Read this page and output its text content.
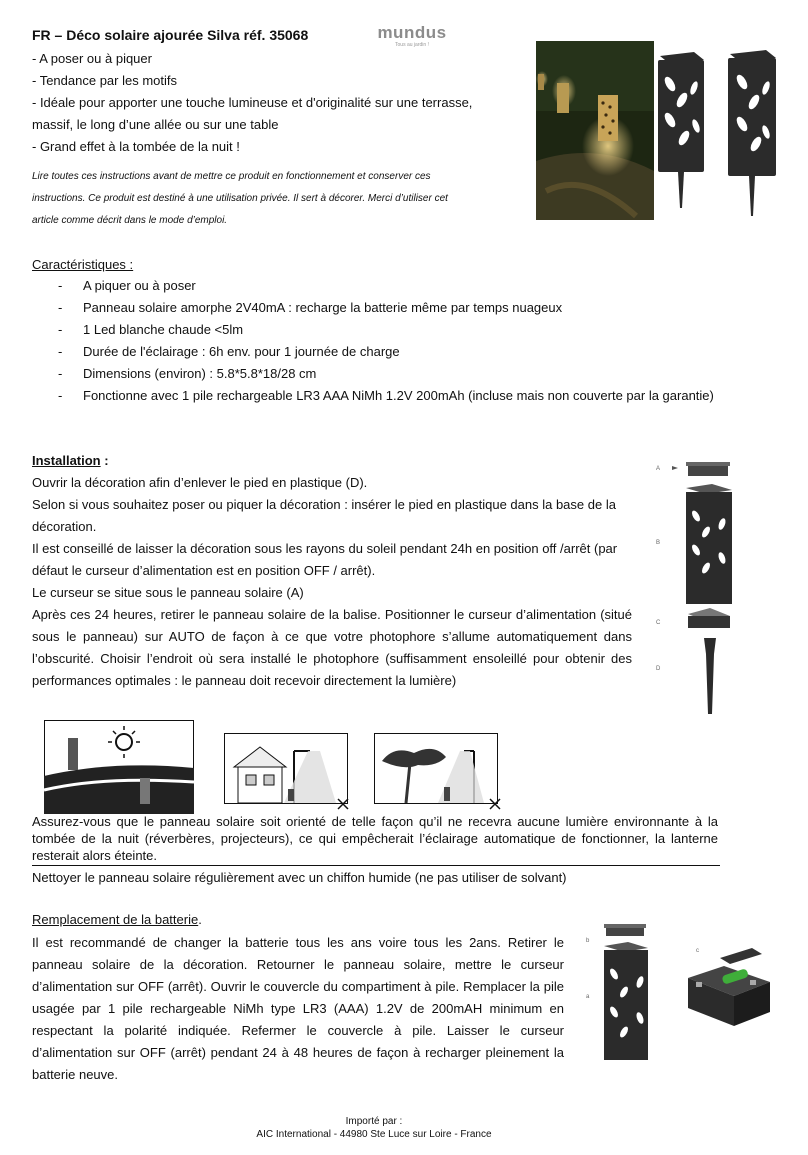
FR – Déco solaire ajourée Silva réf. 35068	mundus
Tous au jardin !

- A poser ou à piquer

- Tendance par les motifs

- Idéale pour apporter une touche lumineuse et d'originalité sur une terrasse,

massif, le long d’une allée ou sur une table

- Grand effet à la tombée de la nuit !

Lire toutes ces instructions avant de mettre ce produit en fonctionnement et conserver ces
instructions. Ce produit est destiné à une utilisation privée. Il sert à décorer. Merci d’utiliser cet
article comme décrit dans le mode d’emploi.
Caractéristiques :
-	A piquer ou à poser
-	Panneau solaire amorphe 2V40mA : recharge la batterie même par temps nuageux
-	1 Led blanche chaude <5lm
-	Durée de l'éclairage : 6h env. pour 1 journée de charge
-	Dimensions (environ) : 5.8*5.8*18/28 cm
-	Fonctionne avec 1 pile rechargeable LR3 AAA NiMh 1.2V 200mAh (incluse mais non couverte par la garantie)
Installation :

Ouvrir la décoration afin d’enlever le pied en plastique (D).

Selon si vous souhaitez poser ou piquer la décoration : insérer le pied en plastique dans la base de la décoration.

Il est conseillé de laisser la décoration sous les rayons du soleil pendant 24h en position off /arrêt (par défaut le curseur d’alimentation est en position OFF / arrêt).

Le curseur se situe sous le panneau solaire (A)

Après ces 24 heures, retirer le panneau solaire de la balise. Positionner le curseur d’alimentation (situé sous le panneau) sur AUTO de façon à ce que votre photophore s’allume automatiquement dans l’obscurité. Choisir l’endroit où sera installé le photophore (suffisamment ensoleillé pour obtenir des performances optimales : le panneau doit recevoir directement la lumière)

A
B
C
D

Assurez-vous que le panneau solaire soit orienté de telle façon qu’il ne recevra aucune lumière environnante à la tombée de la nuit (réverbères, projecteurs), ce qui empêcherait l’éclairage automatique de fonctionner, la lanterne resterait alors éteinte.

Nettoyer le panneau solaire régulièrement avec un chiffon humide (ne pas utiliser de solvant)

Remplacement de la batterie.

Il est recommandé de changer la batterie tous les ans voire tous les 2ans. Retirer le panneau solaire de la décoration. Retourner le panneau solaire, mettre le curseur d’alimentation sur OFF (arrêt). Ouvrir le couvercle du compartiment à pile. Remplacer la pile usagée par 1 pile rechargeable NiMh type LR3 (AAA) 1.2V de 200mAH minimum en respectant la polarité indiquée. Refermer le couvercle à pile. Laisser le curseur d’alimentation sur OFF (arrêt) pendant 24 à 48 heures de façon à recharger pleinement la batterie neuve.

b
a
c
Importé par :
AIC International - 44980 Ste Luce sur Loire - France
